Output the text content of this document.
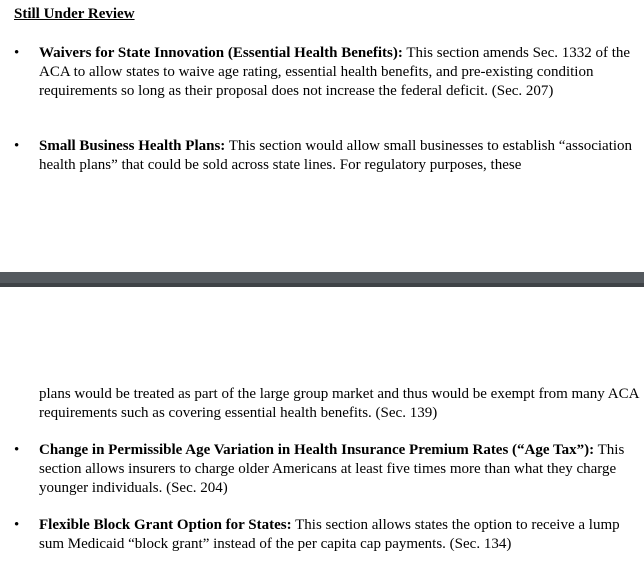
Still Under Review
• Waivers for State Innovation (Essential Health Benefits): This section amends Sec. 1332 of the ACA to allow states to waive age rating, essential health benefits, and pre-existing condition requirements so long as their proposal does not increase the federal deficit. (Sec. 207)
• Small Business Health Plans: This section would allow small businesses to establish “association health plans” that could be sold across state lines. For regulatory purposes, these
plans would be treated as part of the large group market and thus would be exempt from many ACA requirements such as covering essential health benefits. (Sec. 139)
• Change in Permissible Age Variation in Health Insurance Premium Rates (“Age Tax”): This section allows insurers to charge older Americans at least five times more than what they charge younger individuals. (Sec. 204)
• Flexible Block Grant Option for States: This section allows states the option to receive a lump sum Medicaid “block grant” instead of the per capita cap payments. (Sec. 134)
